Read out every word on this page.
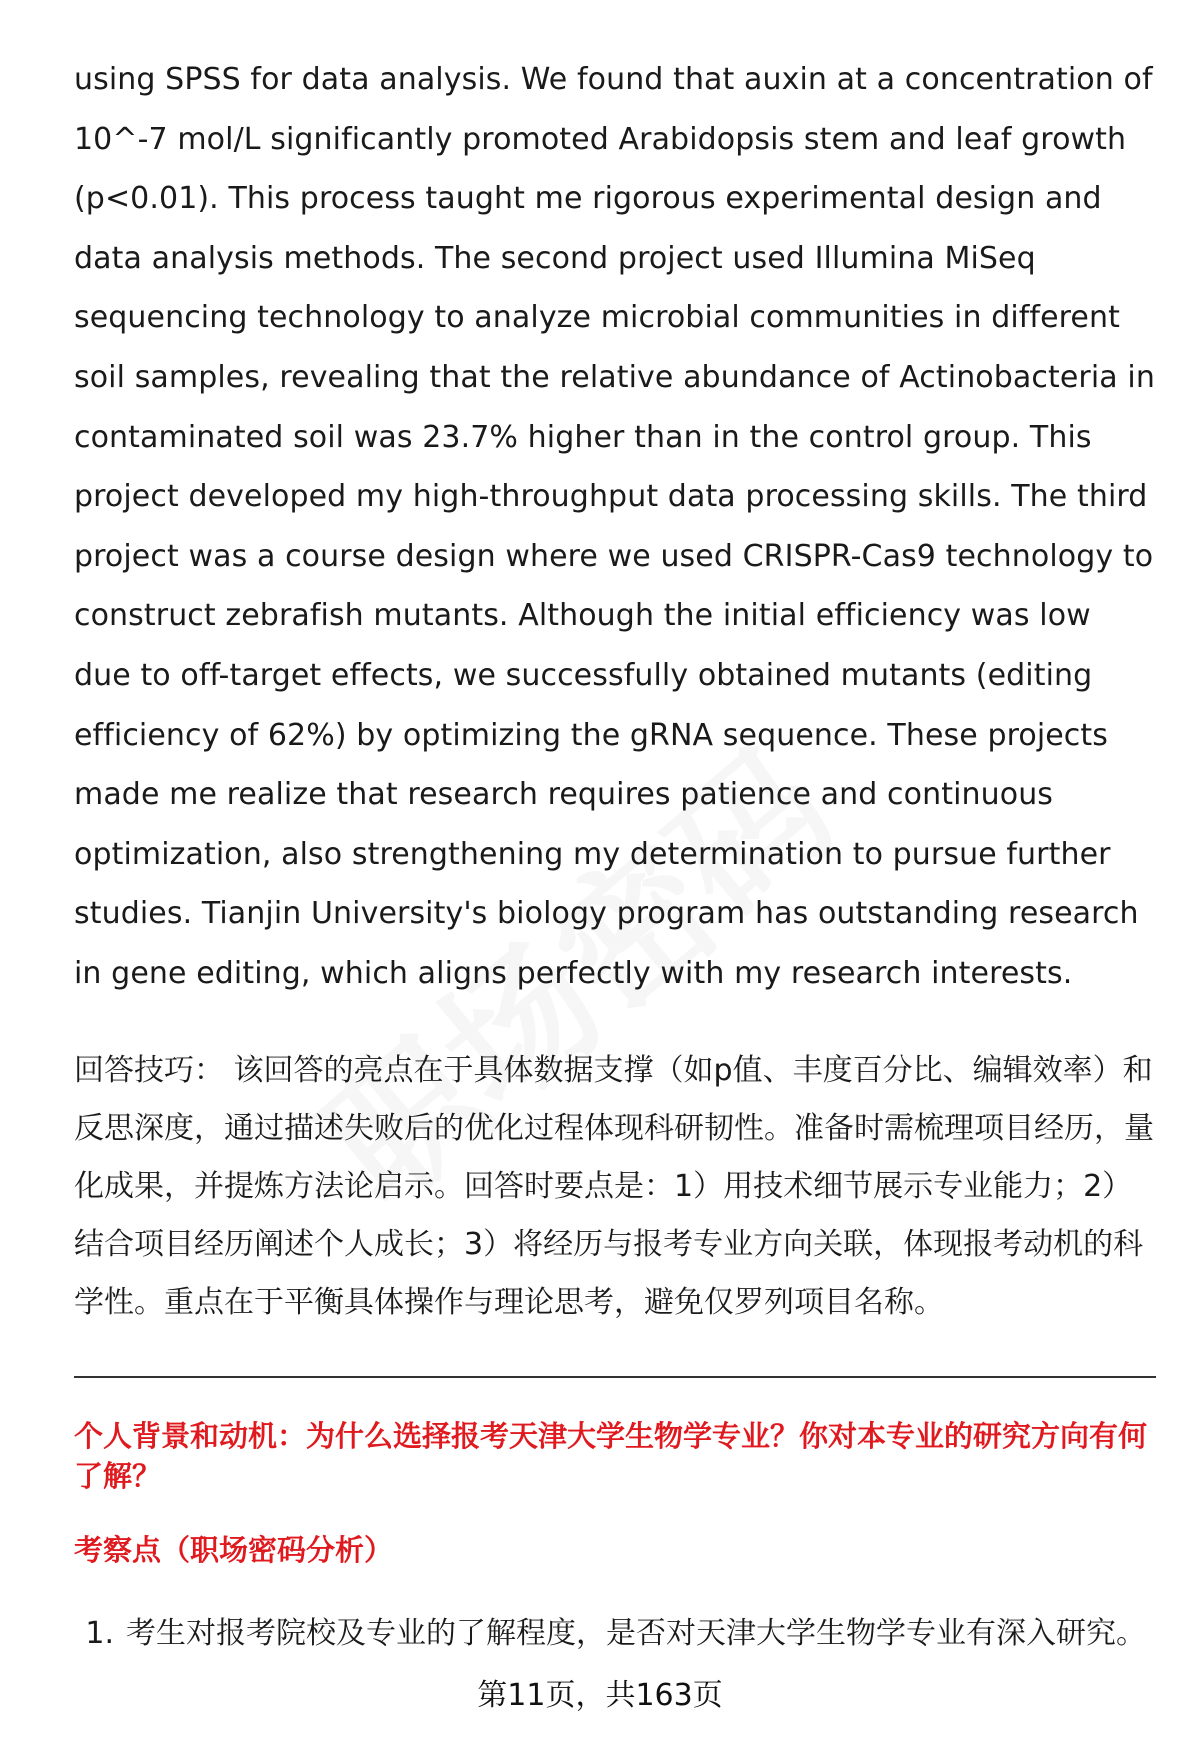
using SPSS for data analysis. We found that auxin at a concentration of 10^-7 mol/L significantly promoted Arabidopsis stem and leaf growth (p<0.01). This process taught me rigorous experimental design and data analysis methods. The second project used Illumina MiSeq sequencing technology to analyze microbial communities in different soil samples, revealing that the relative abundance of Actinobacteria in contaminated soil was 23.7% higher than in the control group. This project developed my high-throughput data processing skills. The third project was a course design where we used CRISPR-Cas9 technology to construct zebrafish mutants. Although the initial efficiency was low due to off-target effects, we successfully obtained mutants (editing efficiency of 62%) by optimizing the gRNA sequence. These projects made me realize that research requires patience and continuous optimization, also strengthening my determination to pursue further studies. Tianjin University's biology program has outstanding research in gene editing, which aligns perfectly with my research interests.

回答技巧： 该回答的亮点在于具体数据支撑（如p值、丰度百分比、编辑效率）和反思深度，通过描述失败后的优化过程体现科研韧性。准备时需梳理项目经历，量化成果，并提炼方法论启示。回答时要点是：1）用技术细节展示专业能力；2）结合项目经历阐述个人成长；3）将经历与报考专业方向关联，体现报考动机的科学性。重点在于平衡具体操作与理论思考，避免仅罗列项目名称。

个人背景和动机：为什么选择报考天津大学生物学专业？你对本专业的研究方向有何了解？
考察点（职场密码分析）
1. 考生对报考院校及专业的了解程度，是否对天津大学生物学专业有深入研究。
第11页，共163页
